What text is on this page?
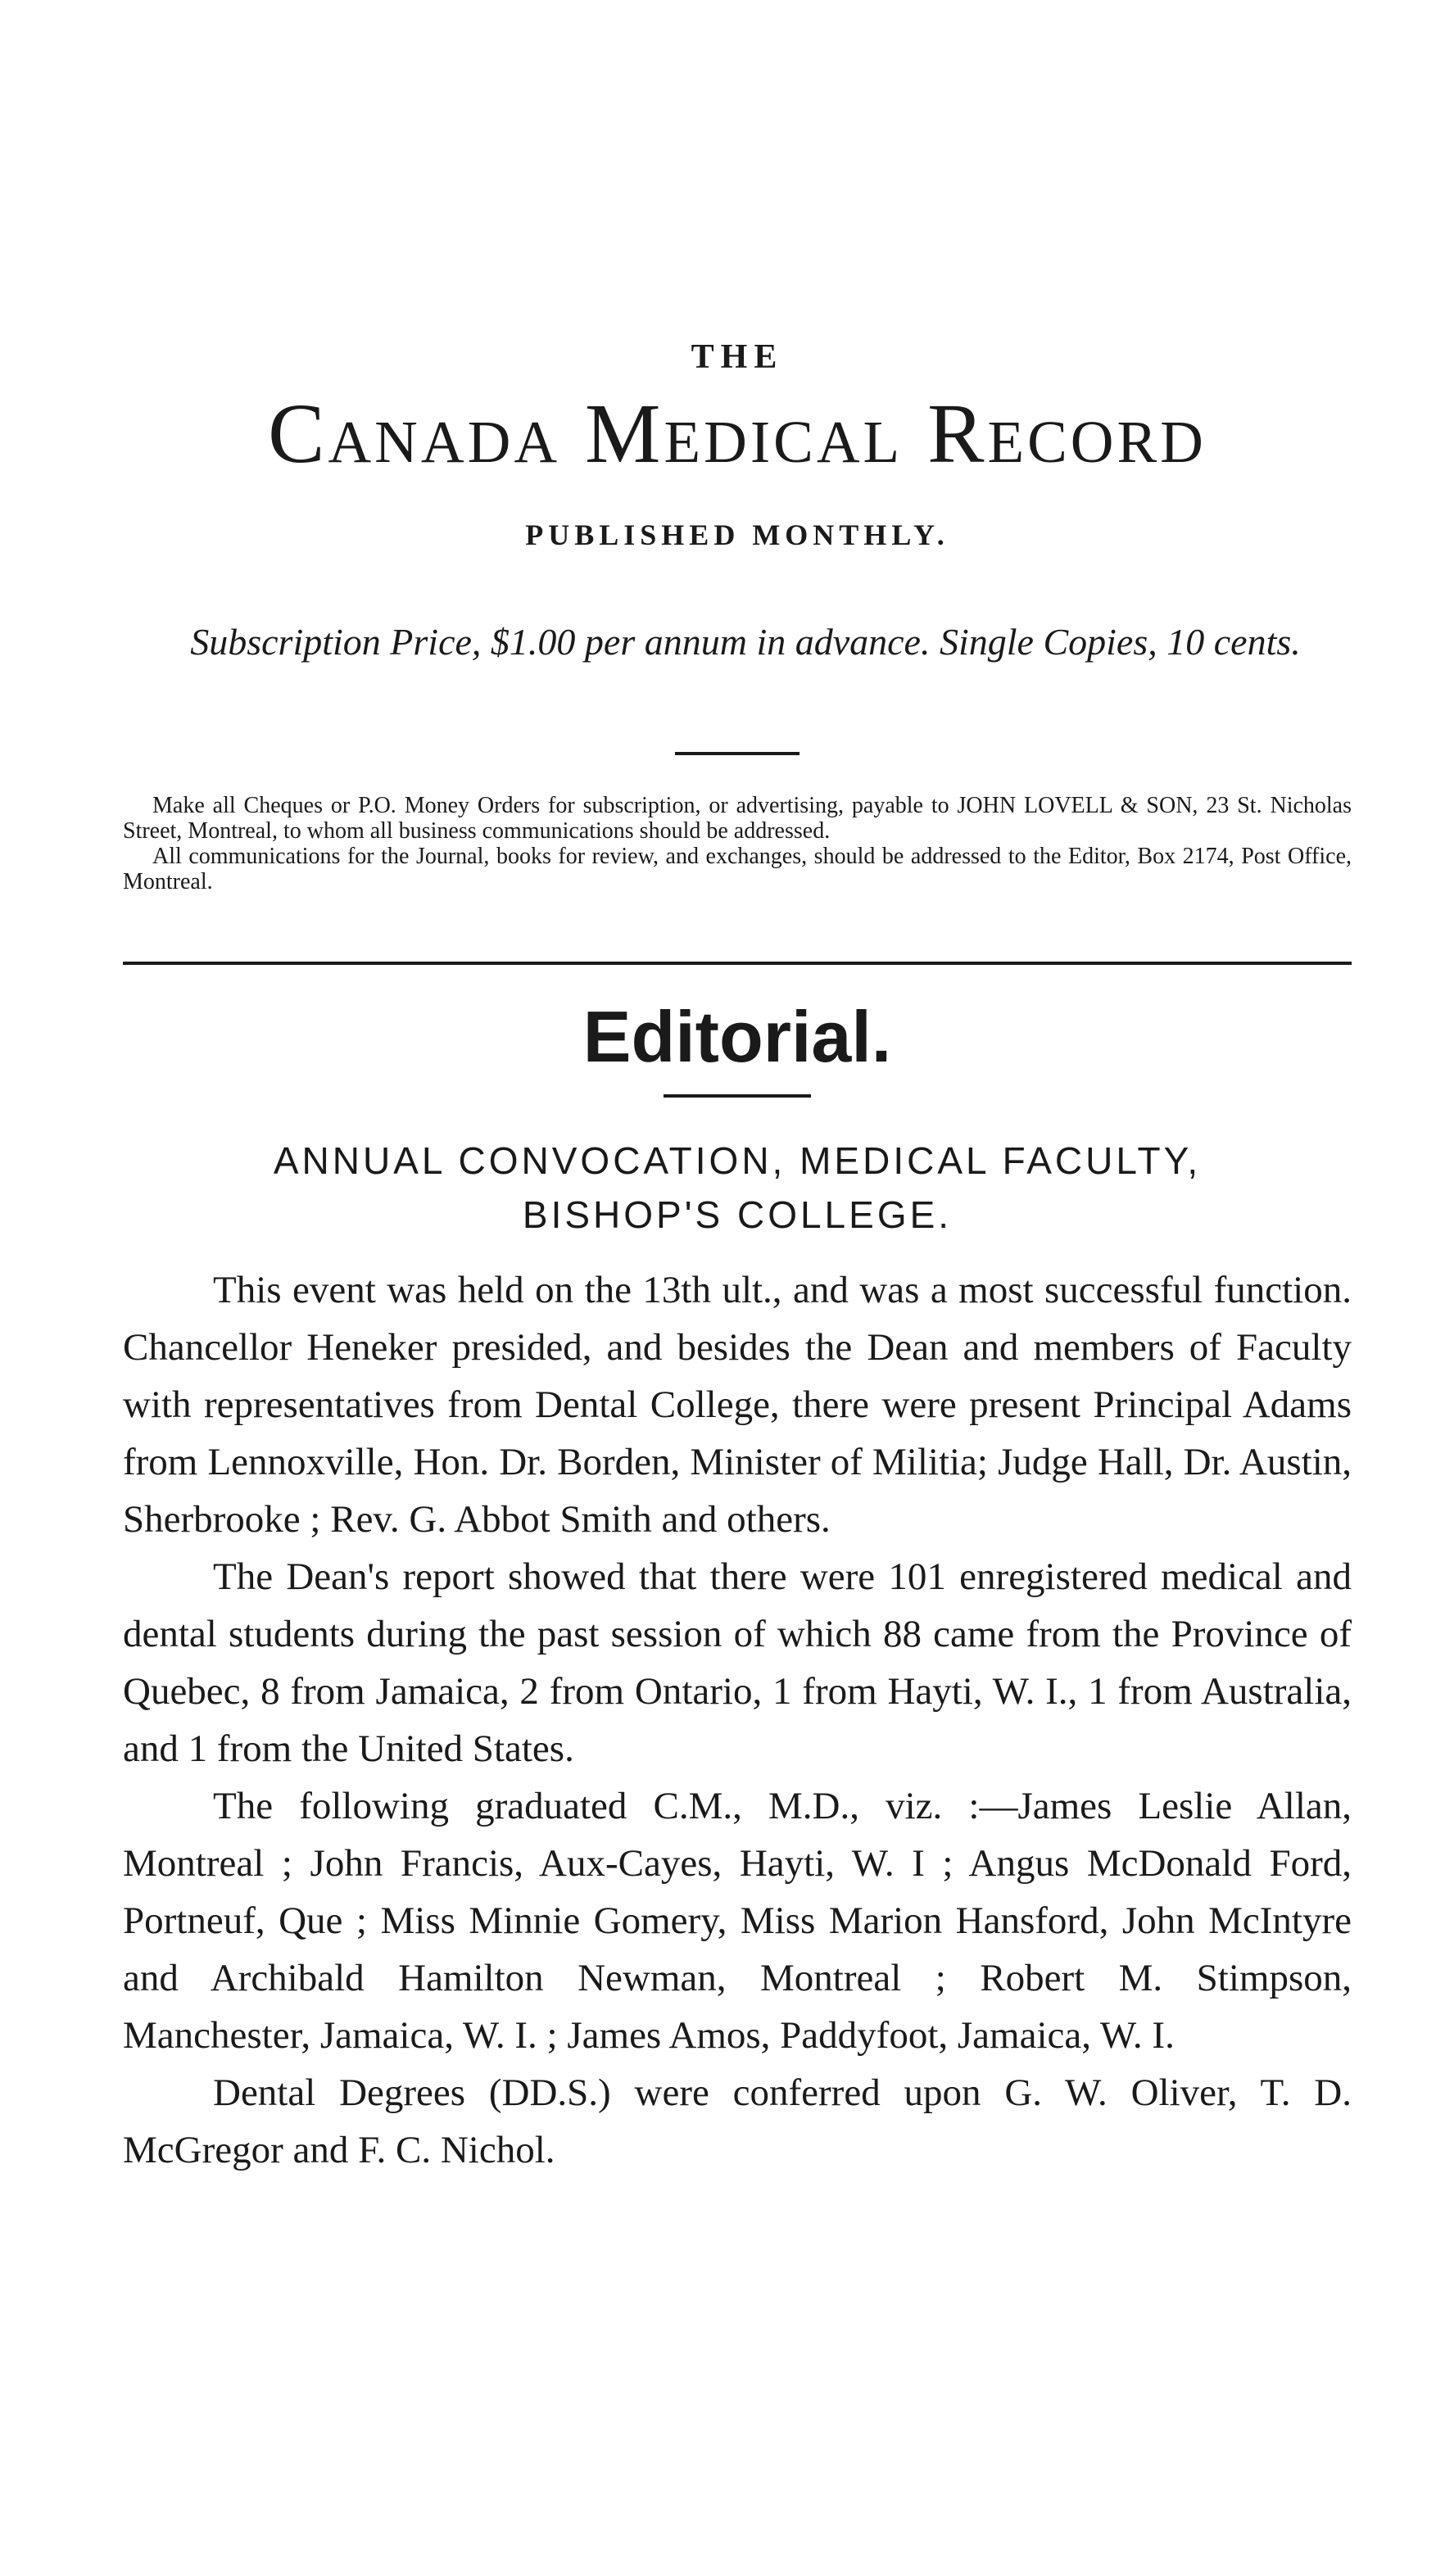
THE
Canada Medical Record
PUBLISHED MONTHLY.
Subscription Price, $1.00 per annum in advance. Single Copies, 10 cents.

Make all Cheques or P.O. Money Orders for subscription, or advertising, payable to JOHN LOVELL & SON, 23 St. Nicholas Street, Montreal, to whom all business communications should be addressed.

All communications for the Journal, books for review, and exchanges, should be addressed to the Editor, Box 2174, Post Office, Montreal.

Editorial.
ANNUAL CONVOCATION, MEDICAL FACULTY,
BISHOP'S COLLEGE.

This event was held on the 13th ult., and was a most successful function. Chancellor Heneker presided, and besides the Dean and members of Faculty with representatives from Dental College, there were present Principal Adams from Lennoxville, Hon. Dr. Borden, Minister of Militia; Judge Hall, Dr. Austin, Sherbrooke ; Rev. G. Abbot Smith and others.

The Dean's report showed that there were 101 enregistered medical and dental students during the past session of which 88 came from the Province of Quebec, 8 from Jamaica, 2 from Ontario, 1 from Hayti, W. I., 1 from Australia, and 1 from the United States.

The following graduated C.M., M.D., viz. :—James Leslie Allan, Montreal ; John Francis, Aux-Cayes, Hayti, W. I ; Angus McDonald Ford, Portneuf, Que ; Miss Minnie Gomery, Miss Marion Hansford, John McIntyre and Archibald Hamilton Newman, Montreal ; Robert M. Stimpson, Manchester, Jamaica, W. I. ; James Amos, Paddyfoot, Jamaica, W. I.

Dental Degrees (DD.S.) were conferred upon G. W. Oliver, T. D. McGregor and F. C. Nichol.
